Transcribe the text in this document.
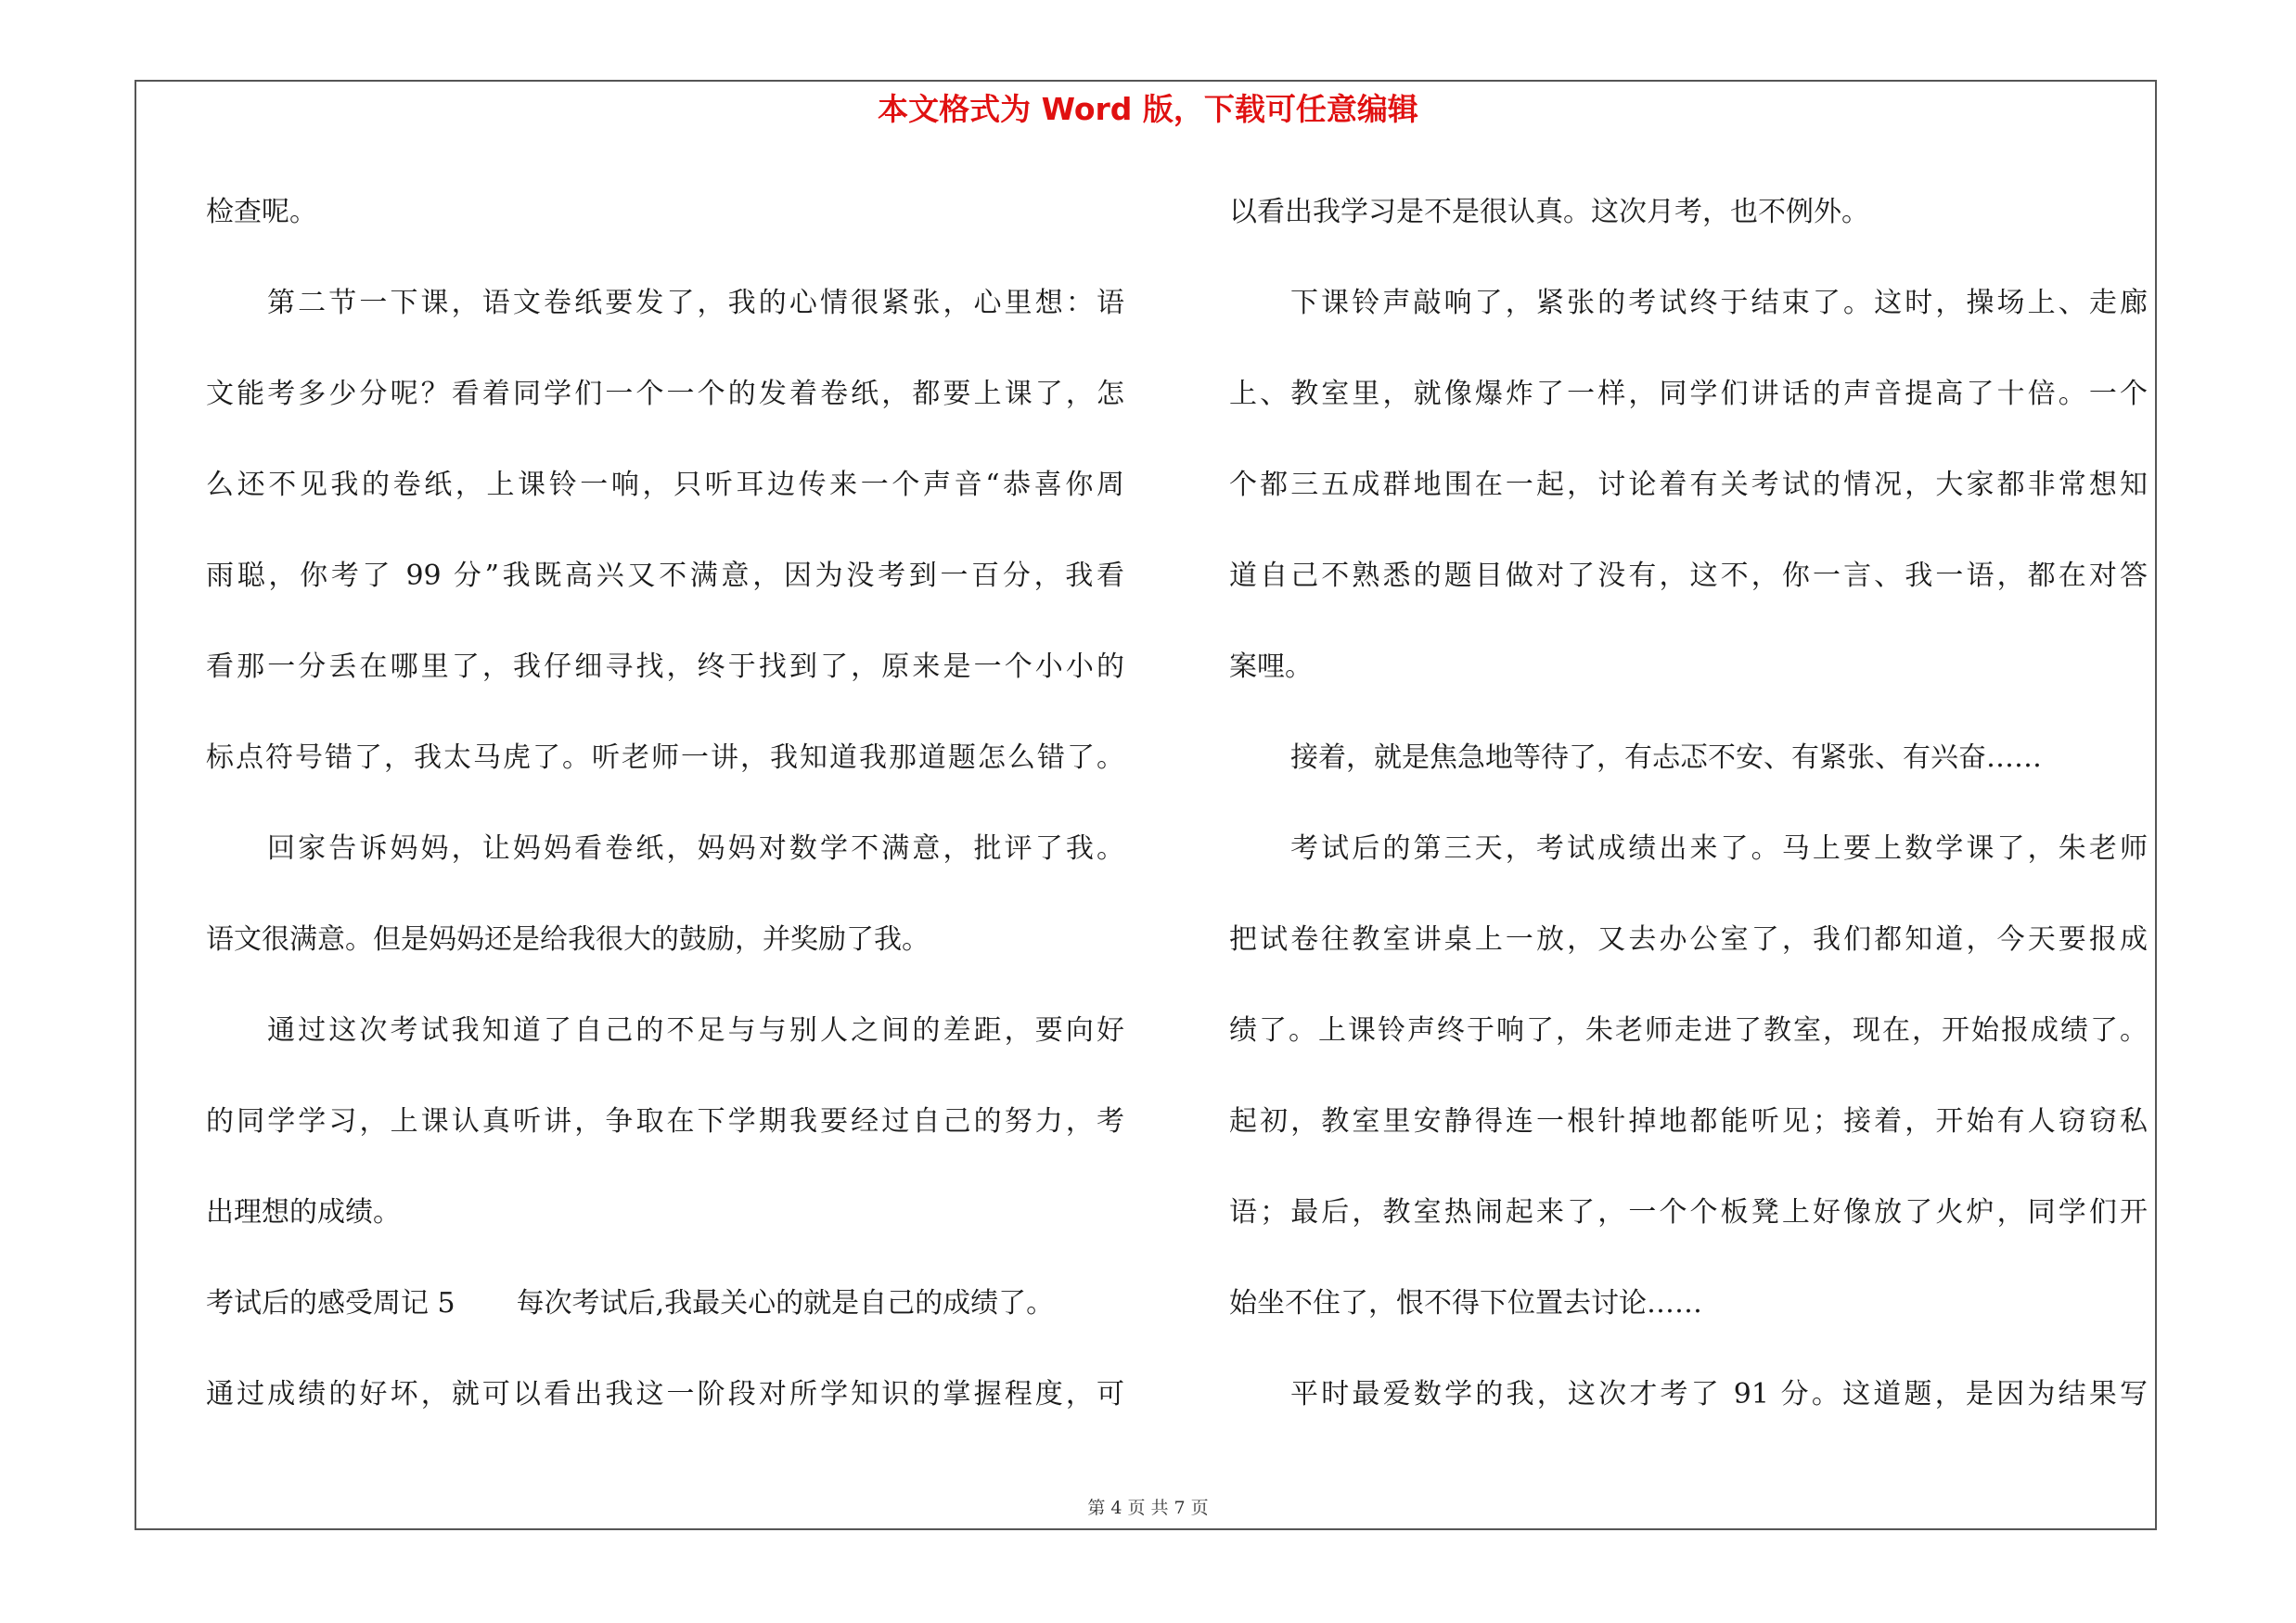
本文格式为 Word 版，下载可任意编辑
检查呢。
第二节一下课，语文卷纸要发了，我的心情很紧张，心里想：语
文能考多少分呢？看着同学们一个一个的发着卷纸，都要上课了，怎
么还不见我的卷纸，上课铃一响，只听耳边传来一个声音“恭喜你周
雨聪，你考了 99 分”我既高兴又不满意，因为没考到一百分，我看
看那一分丢在哪里了，我仔细寻找，终于找到了，原来是一个小小的
标点符号错了，我太马虎了。听老师一讲，我知道我那道题怎么错了。
回家告诉妈妈，让妈妈看卷纸，妈妈对数学不满意，批评了我。
语文很满意。但是妈妈还是给我很大的鼓励，并奖励了我。
通过这次考试我知道了自己的不足与与别人之间的差距，要向好
的同学学习，上课认真听讲，争取在下学期我要经过自己的努力，考
出理想的成绩。
考试后的感受周记 5 每次考试后,我最关心的就是自己的成绩了。
通过成绩的好坏，就可以看出我这一阶段对所学知识的掌握程度，可
以看出我学习是不是很认真。这次月考，也不例外。
下课铃声敲响了，紧张的考试终于结束了。这时，操场上、走廊
上、教室里，就像爆炸了一样，同学们讲话的声音提高了十倍。一个
个都三五成群地围在一起，讨论着有关考试的情况，大家都非常想知
道自己不熟悉的题目做对了没有，这不，你一言、我一语，都在对答
案哩。
接着，就是焦急地等待了，有忐忑不安、有紧张、有兴奋……
考试后的第三天，考试成绩出来了。马上要上数学课了，朱老师
把试卷往教室讲桌上一放，又去办公室了，我们都知道，今天要报成
绩了。上课铃声终于响了，朱老师走进了教室，现在，开始报成绩了。
起初，教室里安静得连一根针掉地都能听见；接着，开始有人窃窃私
语；最后，教室热闹起来了，一个个板凳上好像放了火炉，同学们开
始坐不住了，恨不得下位置去讨论……
平时最爱数学的我，这次才考了 91 分。这道题，是因为结果写
第 4 页 共 7 页
